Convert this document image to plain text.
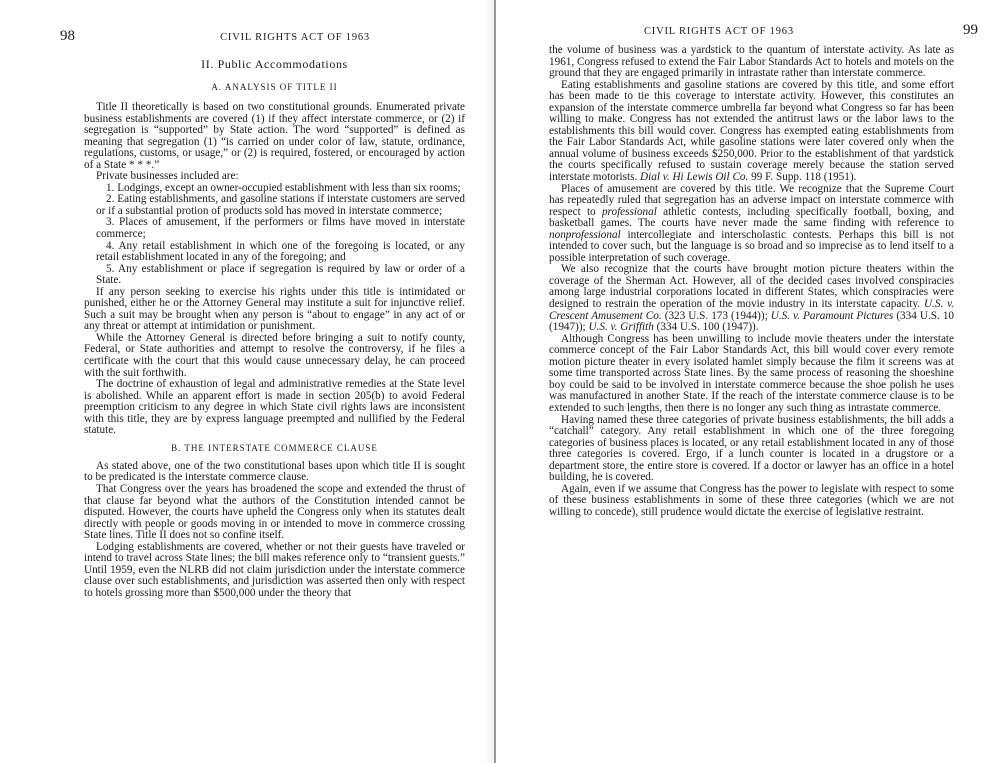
98	CIVIL RIGHTS ACT OF 1963
II. Public Accommodations
A. ANALYSIS OF TITLE II

Title II theoretically is based on two constitutional grounds. Enumerated private business establishments are covered (1) if they affect interstate commerce, or (2) if segregation is “supported” by State action. The word “supported” is defined as meaning that segregation (1) “is carried on under color of law, statute, ordinance, regulations, customs, or usage,” or (2) is required, fostered, or encouraged by action of a State * * *.”

Private businesses included are:

1. Lodgings, except an owner-occupied establishment with less than six rooms;

2. Eating establishments, and gasoline stations if interstate customers are served or if a substantial protion of products sold has moved in interstate commerce;

3. Places of amusement, if the performers or films have moved in interstate commerce;

4. Any retail establishment in which one of the foregoing is located, or any retail establishment located in any of the foregoing; and

5. Any establishment or place if segregation is required by law or order of a State.

If any person seeking to exercise his rights under this title is intimidated or punished, either he or the Attorney General may institute a suit for injunctive relief. Such a suit may be brought when any person is “about to engage” in any act of or any threat or attempt at intimidation or punishment.

While the Attorney General is directed before bringing a suit to notify county, Federal, or State authorities and attempt to resolve the controversy, if he files a certificate with the court that this would cause unnecessary delay, he can proceed with the suit forthwith.

The doctrine of exhaustion of legal and administrative remedies at the State level is abolished. While an apparent effort is made in section 205(b) to avoid Federal preemption criticism to any degree in which State civil rights laws are inconsistent with this title, they are by express language preempted and nullified by the Federal statute.

B. THE INTERSTATE COMMERCE CLAUSE

As stated above, one of the two constitutional bases upon which title II is sought to be predicated is the interstate commerce clause.

That Congress over the years has broadened the scope and extended the thrust of that clause far beyond what the authors of the Constitution intended cannot be disputed. However, the courts have upheld the Congress only when its statutes dealt directly with people or goods moving in or intended to move in commerce crossing State lines. Title II does not so confine itself.

Lodging establishments are covered, whether or not their guests have traveled or intend to travel across State lines; the bill makes reference only to “transient guests.” Until 1959, even the NLRB did not claim jurisdiction under the interstate commerce clause over such establishments, and jurisdiction was asserted then only with respect to hotels grossing more than $500,000 under the theory that

CIVIL RIGHTS ACT OF 1963	99

the volume of business was a yardstick to the quantum of interstate activity. As late as 1961, Congress refused to extend the Fair Labor Standards Act to hotels and motels on the ground that they are engaged primarily in intrastate rather than interstate commerce.

Eating establishments and gasoline stations are covered by this title, and some effort has been made to tie this coverage to interstate activity. However, this constitutes an expansion of the interstate commerce umbrella far beyond what Congress so far has been willing to make. Congress has not extended the antitrust laws or the labor laws to the establishments this bill would cover. Congress has exempted eating establishments from the Fair Labor Standards Act, while gasoline stations were later covered only when the annual volume of business exceeds $250,000. Prior to the establishment of that yardstick the courts specifically refused to sustain coverage merely because the station served interstate motorists. Dial v. Hi Lewis Oil Co. 99 F. Supp. 118 (1951).

Places of amusement are covered by this title. We recognize that the Supreme Court has repeatedly ruled that segregation has an adverse impact on interstate commerce with respect to professional athletic contests, including specifically football, boxing, and basketball games. The courts have never made the same finding with reference to nonprofessional intercollegiate and interscholastic contests. Perhaps this bill is not intended to cover such, but the language is so broad and so imprecise as to lend itself to a possible interpretation of such coverage.

We also recognize that the courts have brought motion picture theaters within the coverage of the Sherman Act. However, all of the decided cases involved conspiracies among large industrial corporations located in different States, which conspiracies were designed to restrain the operation of the movie industry in its interstate capacity. U.S. v. Crescent Amusement Co. (323 U.S. 173 (1944)); U.S. v. Paramount Pictures (334 U.S. 10 (1947)); U.S. v. Griffith (334 U.S. 100 (1947)).

Although Congress has been unwilling to include movie theaters under the interstate commerce concept of the Fair Labor Standards Act, this bill would cover every remote motion picture theater in every isolated hamlet simply because the film it screens was at some time transported across State lines. By the same process of reasoning the shoeshine boy could be said to be involved in interstate commerce because the shoe polish he uses was manufactured in another State. If the reach of the interstate commerce clause is to be extended to such lengths, then there is no longer any such thing as intrastate commerce.

Having named these three categories of private business establishments, the bill adds a “catchall” category. Any retail establishment in which one of the three foregoing categories of business places is located, or any retail establishment located in any of those three categories is covered. Ergo, if a lunch counter is located in a drugstore or a department store, the entire store is covered. If a doctor or lawyer has an office in a hotel building, he is covered.

Again, even if we assume that Congress has the power to legislate with respect to some of these business establishments in some of these three categories (which we are not willing to concede), still prudence would dictate the exercise of legislative restraint.
